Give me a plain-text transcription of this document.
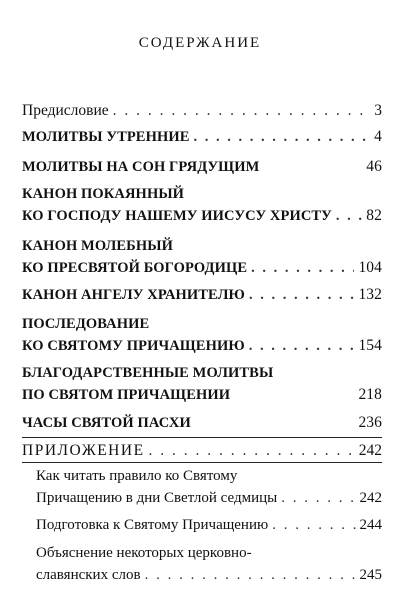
СОДЕРЖАНИЕ
Предисловие . . .	3
МОЛИТВЫ УТРЕННИЕ . . .	4
МОЛИТВЫ НА СОН ГРЯДУЩИМ	46
КАНОН ПОКАЯННЫЙ
КО ГОСПОДУ НАШЕМУ ИИСУСУ ХРИСТУ . . . 82
КАНОН МОЛЕБНЫЙ
КО ПРЕСВЯТОЙ БОГОРОДИЦЕ . . .	104
КАНОН АНГЕЛУ ХРАНИТЕЛЮ . . .	132
ПОСЛЕДОВАНИЕ
КО СВЯТОМУ ПРИЧАЩЕНИЮ . . .	154
БЛАГОДАРСТВЕННЫЕ МОЛИТВЫ
ПО СВЯТОМ ПРИЧАЩЕНИИ	218
ЧАСЫ СВЯТОЙ ПАСХИ	236
ПРИЛОЖЕНИЕ . . .	242
Как читать правило ко Святому
Причащению в дни Светлой седмицы . . .	242
Подготовка к Святому Причащению . . .	244
Объяснение некоторых церковно-
славянских слов . . .	245
